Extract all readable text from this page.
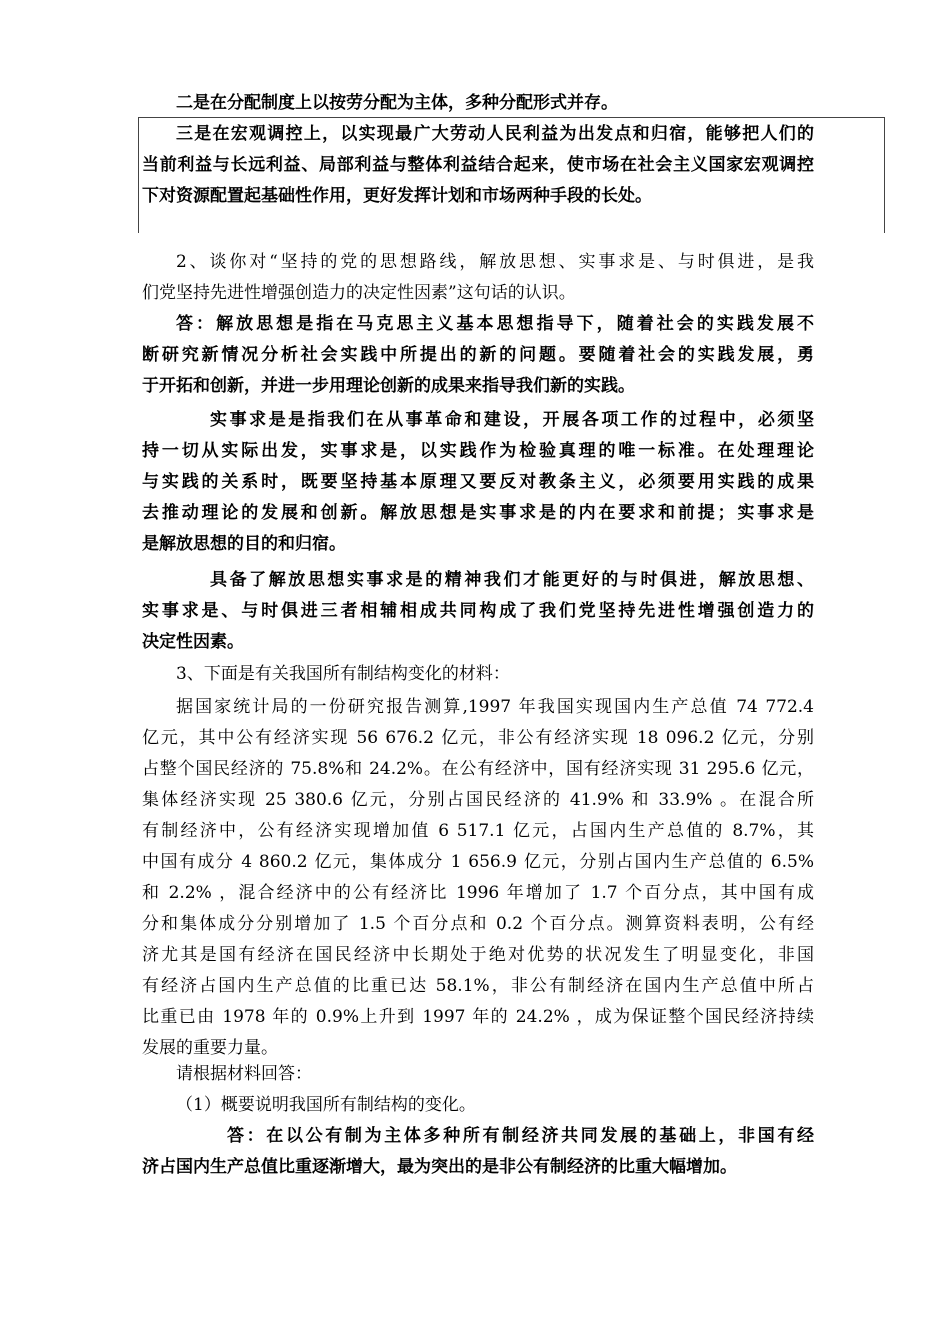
二是在分配制度上以按劳分配为主体，多种分配形式并存。
三是在宏观调控上，以实现最广大劳动人民利益为出发点和归宿，能够把人们的
当前利益与长远利益、局部利益与整体利益结合起来，使市场在社会主义国家宏观调控
下对资源配置起基础性作用，更好发挥计划和市场两种手段的长处。
2、谈你对“坚持的党的思想路线，解放思想、实事求是、与时俱进，是我
们党坚持先进性增强创造力的决定性因素”这句话的认识。
答：解放思想是指在马克思主义基本思想指导下，随着社会的实践发展不
断研究新情况分析社会实践中所提出的新的问题。要随着社会的实践发展，勇
于开拓和创新，并进一步用理论创新的成果来指导我们新的实践。
实事求是是指我们在从事革命和建设，开展各项工作的过程中，必须坚
持一切从实际出发，实事求是，以实践作为检验真理的唯一标准。在处理理论
与实践的关系时，既要坚持基本原理又要反对教条主义，必须要用实践的成果
去推动理论的发展和创新。解放思想是实事求是的内在要求和前提；实事求是
是解放思想的目的和归宿。
具备了解放思想实事求是的精神我们才能更好的与时俱进，解放思想、
实事求是、与时俱进三者相辅相成共同构成了我们党坚持先进性增强创造力的
决定性因素。
3、下面是有关我国所有制结构变化的材料：
据国家统计局的一份研究报告测算,1997 年我国实现国内生产总值 74 772.4
亿元，其中公有经济实现 56 676.2 亿元，非公有经济实现 18 096.2 亿元，分别
占整个国民经济的 75.8%和 24.2%。在公有经济中，国有经济实现 31 295.6 亿元，
集体经济实现 25 380.6 亿元，分别占国民经济的 41.9% 和 33.9% 。在混合所
有制经济中，公有经济实现增加值 6 517.1 亿元，占国内生产总值的 8.7%，其
中国有成分 4 860.2 亿元，集体成分 1 656.9 亿元，分别占国内生产总值的 6.5%
和 2.2% ，混合经济中的公有经济比 1996 年增加了 1.7 个百分点，其中国有成
分和集体成分分别增加了 1.5 个百分点和 0.2 个百分点。测算资料表明，公有经
济尤其是国有经济在国民经济中长期处于绝对优势的状况发生了明显变化，非国
有经济占国内生产总值的比重已达 58.1%，非公有制经济在国内生产总值中所占
比重已由 1978 年的 0.9%上升到 1997 年的 24.2% ，成为保证整个国民经济持续
发展的重要力量。
请根据材料回答：
（1）概要说明我国所有制结构的变化。
答：在以公有制为主体多种所有制经济共同发展的基础上，非国有经
济占国内生产总值比重逐渐增大，最为突出的是非公有制经济的比重大幅增加。
